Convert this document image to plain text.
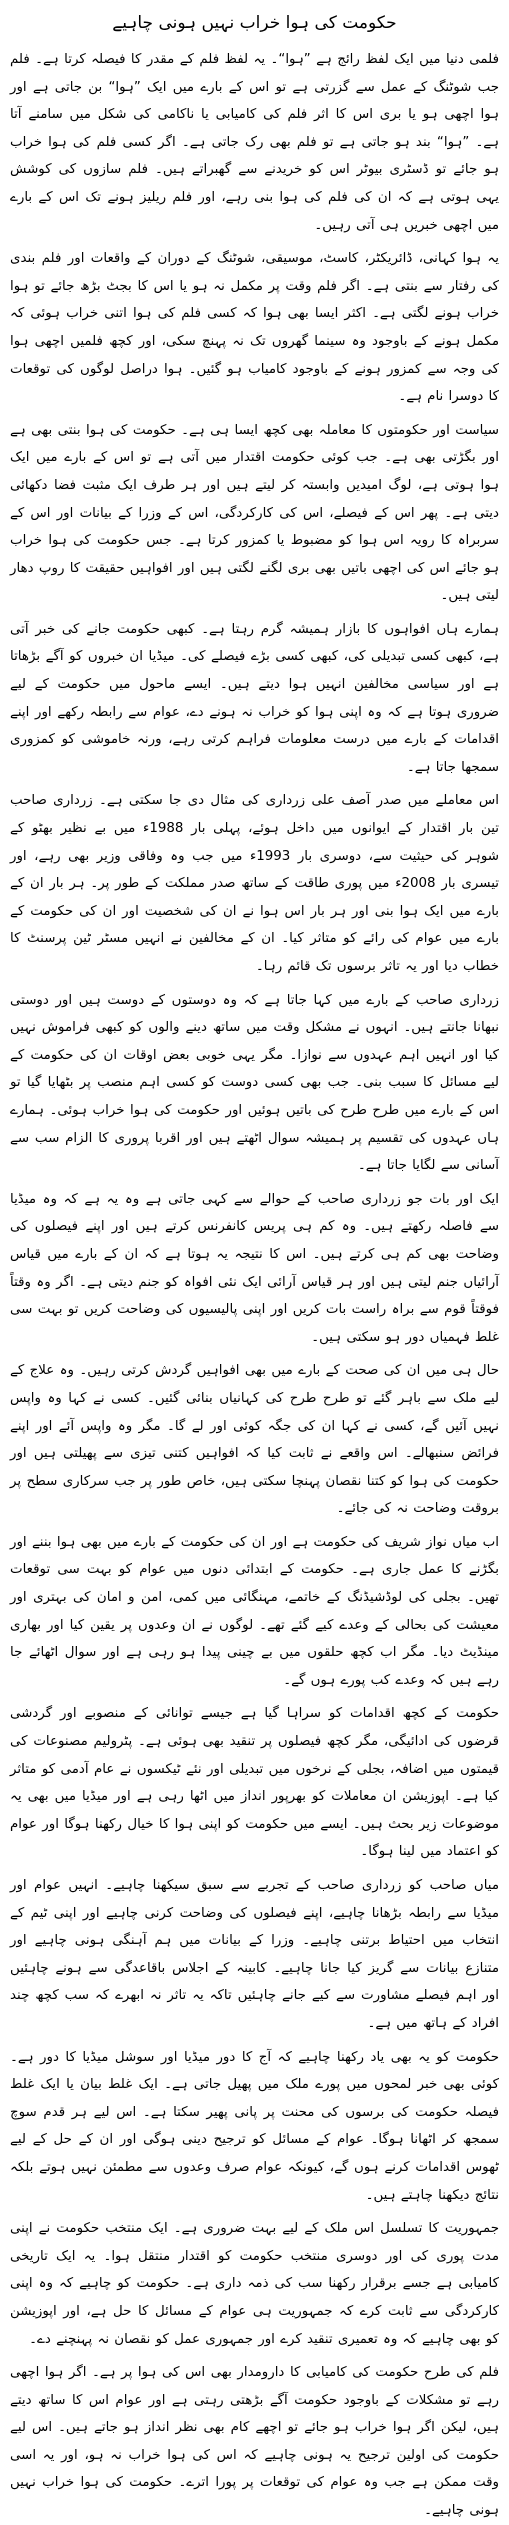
حکومت کی ہوا خراب نہیں ہونی چاہیے

فلمی دنیا میں ایک لفظ رائج ہے ”ہوا“۔ یہ لفظ فلم کے مقدر کا فیصلہ کرتا ہے۔ فلم جب شوٹنگ کے عمل سے گزرتی ہے تو اس کے بارے میں ایک ”ہوا“ بن جاتی ہے اور ہوا اچھی ہو یا بری اس کا اثر فلم کی کامیابی یا ناکامی کی شکل میں سامنے آتا ہے۔ ”ہوا“ بند ہو جاتی ہے تو فلم بھی رک جاتی ہے۔ اگر کسی فلم کی ہوا خراب ہو جائے تو ڈسٹری بیوٹر اس کو خریدنے سے گھبراتے ہیں۔ فلم سازوں کی کوشش یہی ہوتی ہے کہ ان کی فلم کی ہوا بنی رہے، اور فلم ریلیز ہونے تک اس کے بارے میں اچھی خبریں ہی آتی رہیں۔

یہ ہوا کہانی، ڈائریکٹر، کاسٹ، موسیقی، شوٹنگ کے دوران کے واقعات اور فلم بندی کی رفتار سے بنتی ہے۔ اگر فلم وقت پر مکمل نہ ہو یا اس کا بجٹ بڑھ جائے تو ہوا خراب ہونے لگتی ہے۔ اکثر ایسا بھی ہوا کہ کسی فلم کی ہوا اتنی خراب ہوئی کہ مکمل ہونے کے باوجود وہ سینما گھروں تک نہ پہنچ سکی، اور کچھ فلمیں اچھی ہوا کی وجہ سے کمزور ہونے کے باوجود کامیاب ہو گئیں۔ ہوا دراصل لوگوں کی توقعات کا دوسرا نام ہے۔

سیاست اور حکومتوں کا معاملہ بھی کچھ ایسا ہی ہے۔ حکومت کی ہوا بنتی بھی ہے اور بگڑتی بھی ہے۔ جب کوئی حکومت اقتدار میں آتی ہے تو اس کے بارے میں ایک ہوا ہوتی ہے، لوگ امیدیں وابستہ کر لیتے ہیں اور ہر طرف ایک مثبت فضا دکھائی دیتی ہے۔ پھر اس کے فیصلے، اس کی کارکردگی، اس کے وزرا کے بیانات اور اس کے سربراہ کا رویہ اس ہوا کو مضبوط یا کمزور کرتا ہے۔ جس حکومت کی ہوا خراب ہو جائے اس کی اچھی باتیں بھی بری لگنے لگتی ہیں اور افواہیں حقیقت کا روپ دھار لیتی ہیں۔

ہمارے ہاں افواہوں کا بازار ہمیشہ گرم رہتا ہے۔ کبھی حکومت جانے کی خبر آتی ہے، کبھی کسی تبدیلی کی، کبھی کسی بڑے فیصلے کی۔ میڈیا ان خبروں کو آگے بڑھاتا ہے اور سیاسی مخالفین انہیں ہوا دیتے ہیں۔ ایسے ماحول میں حکومت کے لیے ضروری ہوتا ہے کہ وہ اپنی ہوا کو خراب نہ ہونے دے، عوام سے رابطہ رکھے اور اپنے اقدامات کے بارے میں درست معلومات فراہم کرتی رہے، ورنہ خاموشی کو کمزوری سمجھا جاتا ہے۔

اس معاملے میں صدر آصف علی زرداری کی مثال دی جا سکتی ہے۔ زرداری صاحب تین بار اقتدار کے ایوانوں میں داخل ہوئے، پہلی بار 1988ء میں بے نظیر بھٹو کے شوہر کی حیثیت سے، دوسری بار 1993ء میں جب وہ وفاقی وزیر بھی رہے، اور تیسری بار 2008ء میں پوری طاقت کے ساتھ صدر مملکت کے طور پر۔ ہر بار ان کے بارے میں ایک ہوا بنی اور ہر بار اس ہوا نے ان کی شخصیت اور ان کی حکومت کے بارے میں عوام کی رائے کو متاثر کیا۔ ان کے مخالفین نے انہیں مسٹر ٹین پرسنٹ کا خطاب دیا اور یہ تاثر برسوں تک قائم رہا۔

زرداری صاحب کے بارے میں کہا جاتا ہے کہ وہ دوستوں کے دوست ہیں اور دوستی نبھانا جانتے ہیں۔ انہوں نے مشکل وقت میں ساتھ دینے والوں کو کبھی فراموش نہیں کیا اور انہیں اہم عہدوں سے نوازا۔ مگر یہی خوبی بعض اوقات ان کی حکومت کے لیے مسائل کا سبب بنی۔ جب بھی کسی دوست کو کسی اہم منصب پر بٹھایا گیا تو اس کے بارے میں طرح طرح کی باتیں ہوئیں اور حکومت کی ہوا خراب ہوئی۔ ہمارے ہاں عہدوں کی تقسیم پر ہمیشہ سوال اٹھتے ہیں اور اقربا پروری کا الزام سب سے آسانی سے لگایا جاتا ہے۔

ایک اور بات جو زرداری صاحب کے حوالے سے کہی جاتی ہے وہ یہ ہے کہ وہ میڈیا سے فاصلہ رکھتے ہیں۔ وہ کم ہی پریس کانفرنس کرتے ہیں اور اپنے فیصلوں کی وضاحت بھی کم ہی کرتے ہیں۔ اس کا نتیجہ یہ ہوتا ہے کہ ان کے بارے میں قیاس آرائیاں جنم لیتی ہیں اور ہر قیاس آرائی ایک نئی افواہ کو جنم دیتی ہے۔ اگر وہ وقتاً فوقتاً قوم سے براہ راست بات کریں اور اپنی پالیسیوں کی وضاحت کریں تو بہت سی غلط فہمیاں دور ہو سکتی ہیں۔

حال ہی میں ان کی صحت کے بارے میں بھی افواہیں گردش کرتی رہیں۔ وہ علاج کے لیے ملک سے باہر گئے تو طرح طرح کی کہانیاں بنائی گئیں۔ کسی نے کہا وہ واپس نہیں آئیں گے، کسی نے کہا ان کی جگہ کوئی اور لے گا۔ مگر وہ واپس آئے اور اپنے فرائض سنبھالے۔ اس واقعے نے ثابت کیا کہ افواہیں کتنی تیزی سے پھیلتی ہیں اور حکومت کی ہوا کو کتنا نقصان پہنچا سکتی ہیں، خاص طور پر جب سرکاری سطح پر بروقت وضاحت نہ کی جائے۔

اب میاں نواز شریف کی حکومت ہے اور ان کی حکومت کے بارے میں بھی ہوا بننے اور بگڑنے کا عمل جاری ہے۔ حکومت کے ابتدائی دنوں میں عوام کو بہت سی توقعات تھیں۔ بجلی کی لوڈشیڈنگ کے خاتمے، مہنگائی میں کمی، امن و امان کی بہتری اور معیشت کی بحالی کے وعدے کیے گئے تھے۔ لوگوں نے ان وعدوں پر یقین کیا اور بھاری مینڈیٹ دیا۔ مگر اب کچھ حلقوں میں بے چینی پیدا ہو رہی ہے اور سوال اٹھائے جا رہے ہیں کہ وعدے کب پورے ہوں گے۔

حکومت کے کچھ اقدامات کو سراہا گیا ہے جیسے توانائی کے منصوبے اور گردشی قرضوں کی ادائیگی، مگر کچھ فیصلوں پر تنقید بھی ہوئی ہے۔ پٹرولیم مصنوعات کی قیمتوں میں اضافہ، بجلی کے نرخوں میں تبدیلی اور نئے ٹیکسوں نے عام آدمی کو متاثر کیا ہے۔ اپوزیشن ان معاملات کو بھرپور انداز میں اٹھا رہی ہے اور میڈیا میں بھی یہ موضوعات زیر بحث ہیں۔ ایسے میں حکومت کو اپنی ہوا کا خیال رکھنا ہوگا اور عوام کو اعتماد میں لینا ہوگا۔

میاں صاحب کو زرداری صاحب کے تجربے سے سبق سیکھنا چاہیے۔ انہیں عوام اور میڈیا سے رابطہ بڑھانا چاہیے، اپنے فیصلوں کی وضاحت کرنی چاہیے اور اپنی ٹیم کے انتخاب میں احتیاط برتنی چاہیے۔ وزرا کے بیانات میں ہم آہنگی ہونی چاہیے اور متنازع بیانات سے گریز کیا جانا چاہیے۔ کابینہ کے اجلاس باقاعدگی سے ہونے چاہئیں اور اہم فیصلے مشاورت سے کیے جانے چاہئیں تاکہ یہ تاثر نہ ابھرے کہ سب کچھ چند افراد کے ہاتھ میں ہے۔

حکومت کو یہ بھی یاد رکھنا چاہیے کہ آج کا دور میڈیا اور سوشل میڈیا کا دور ہے۔ کوئی بھی خبر لمحوں میں پورے ملک میں پھیل جاتی ہے۔ ایک غلط بیان یا ایک غلط فیصلہ حکومت کی برسوں کی محنت پر پانی پھیر سکتا ہے۔ اس لیے ہر قدم سوچ سمجھ کر اٹھانا ہوگا۔ عوام کے مسائل کو ترجیح دینی ہوگی اور ان کے حل کے لیے ٹھوس اقدامات کرنے ہوں گے، کیونکہ عوام صرف وعدوں سے مطمئن نہیں ہوتے بلکہ نتائج دیکھنا چاہتے ہیں۔

جمہوریت کا تسلسل اس ملک کے لیے بہت ضروری ہے۔ ایک منتخب حکومت نے اپنی مدت پوری کی اور دوسری منتخب حکومت کو اقتدار منتقل ہوا۔ یہ ایک تاریخی کامیابی ہے جسے برقرار رکھنا سب کی ذمہ داری ہے۔ حکومت کو چاہیے کہ وہ اپنی کارکردگی سے ثابت کرے کہ جمہوریت ہی عوام کے مسائل کا حل ہے، اور اپوزیشن کو بھی چاہیے کہ وہ تعمیری تنقید کرے اور جمہوری عمل کو نقصان نہ پہنچنے دے۔

فلم کی طرح حکومت کی کامیابی کا دارومدار بھی اس کی ہوا پر ہے۔ اگر ہوا اچھی رہے تو مشکلات کے باوجود حکومت آگے بڑھتی رہتی ہے اور عوام اس کا ساتھ دیتے ہیں، لیکن اگر ہوا خراب ہو جائے تو اچھے کام بھی نظر انداز ہو جاتے ہیں۔ اس لیے حکومت کی اولین ترجیح یہ ہونی چاہیے کہ اس کی ہوا خراب نہ ہو، اور یہ اسی وقت ممکن ہے جب وہ عوام کی توقعات پر پورا اترے۔ حکومت کی ہوا خراب نہیں ہونی چاہیے۔
